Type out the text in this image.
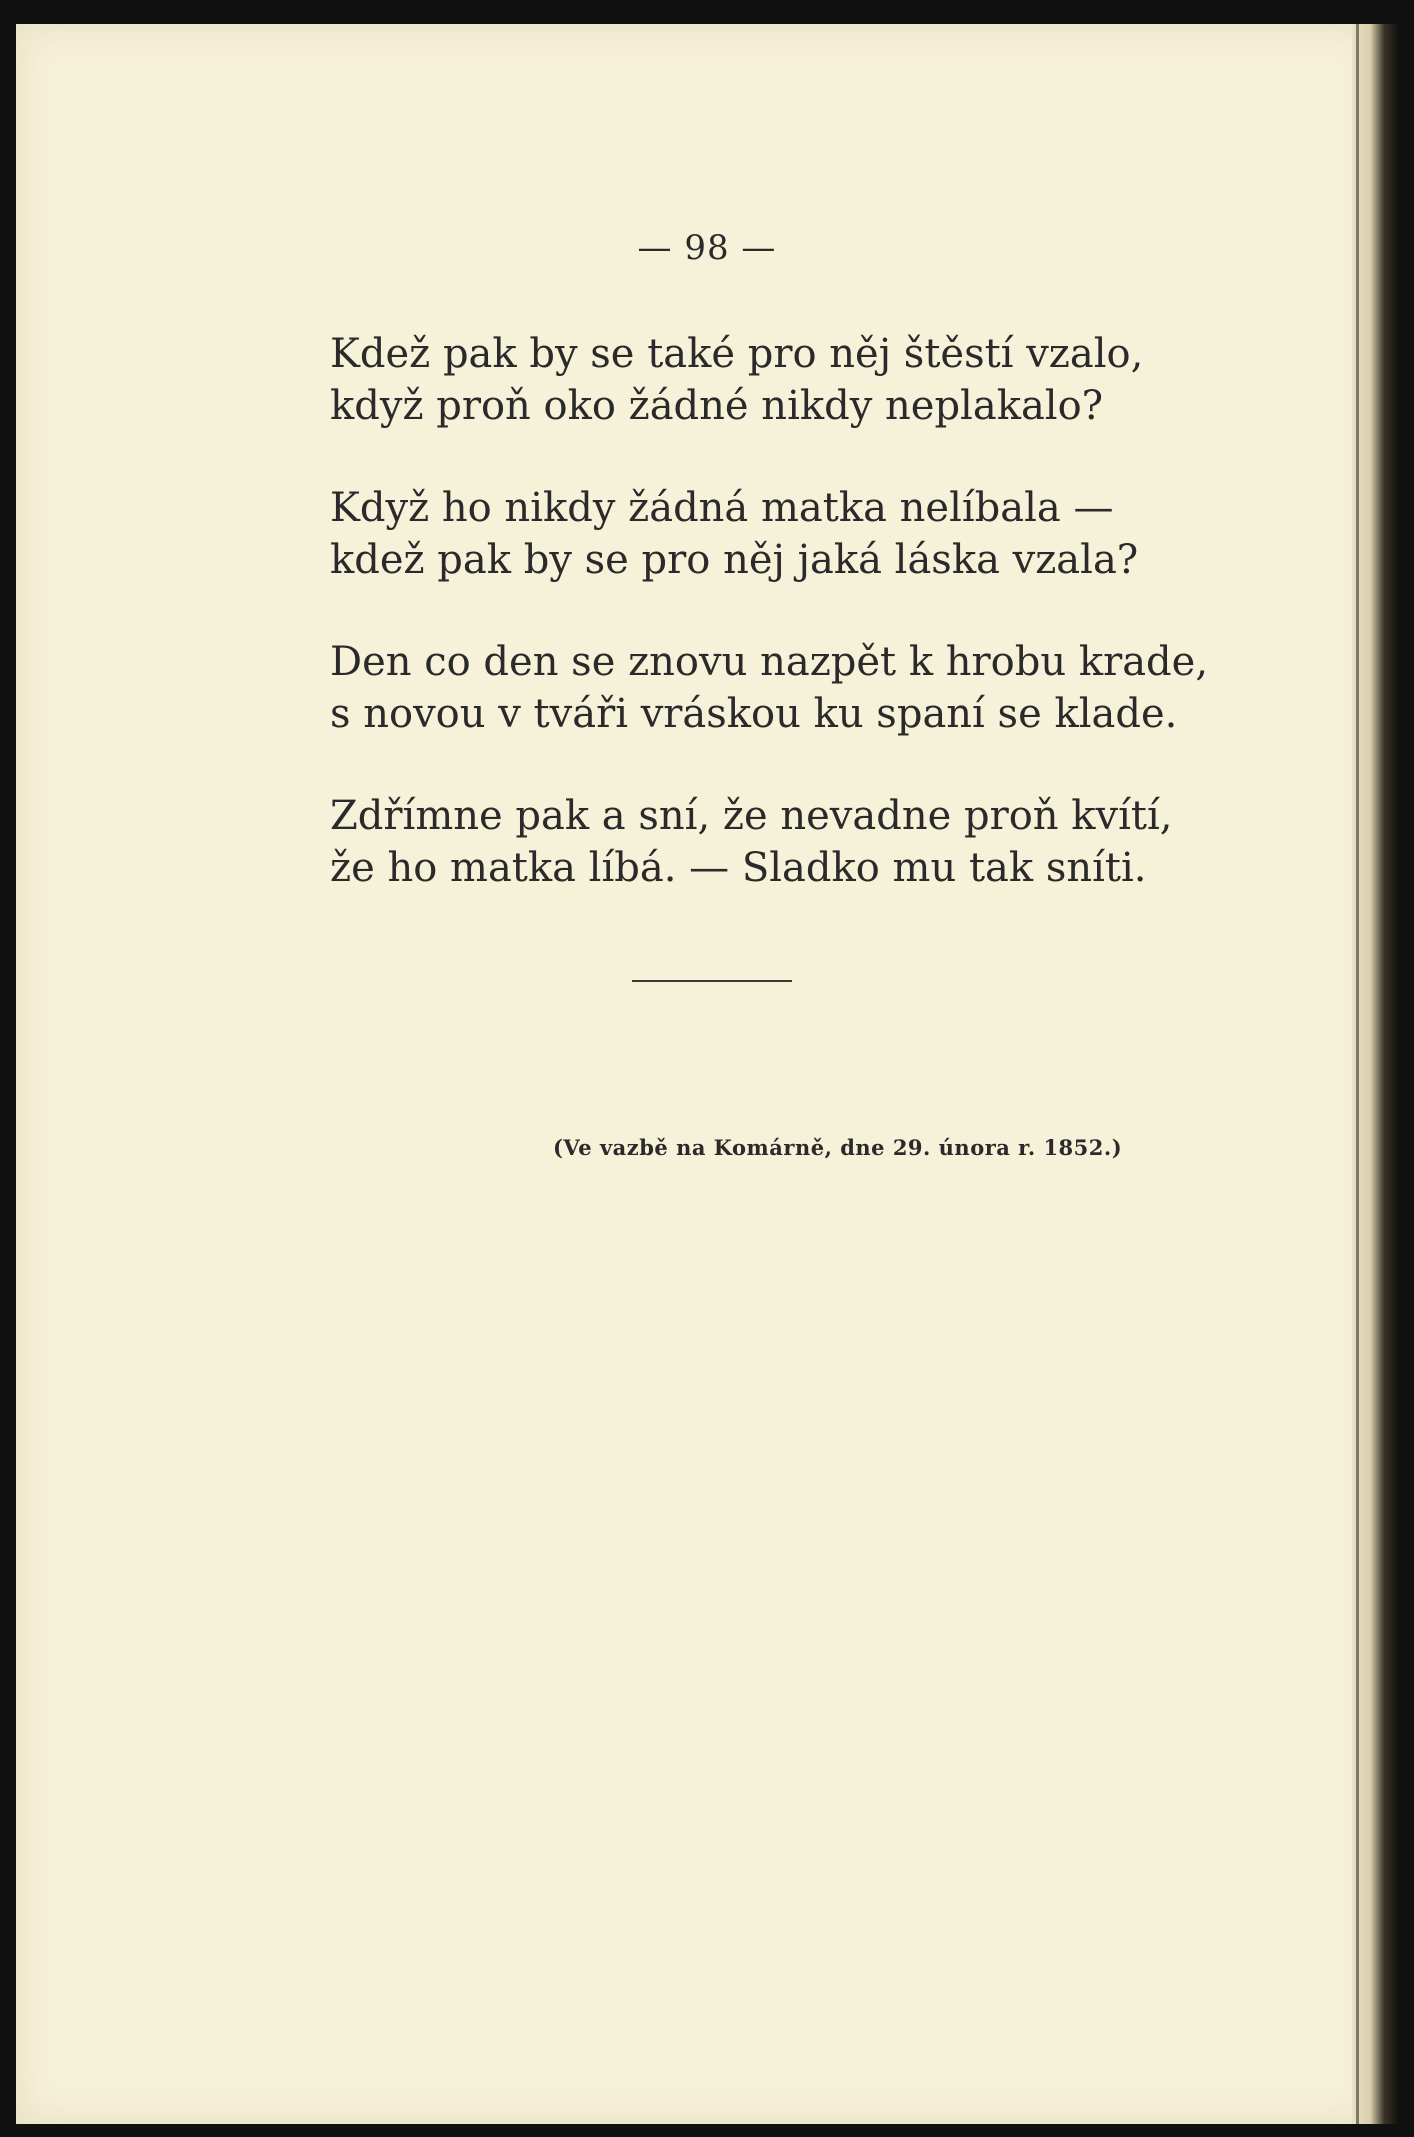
— 98 —
Kdež pak by se také pro něj štěstí vzalo,
když proň oko žádné nikdy neplakalo?
Když ho nikdy žádná matka nelíbala —
kdež pak by se pro něj jaká láska vzala?
Den co den se znovu nazpět k hrobu krade,
s novou v tváři vráskou ku spaní se klade.
Zdřímne pak a sní, že nevadne proň kvítí,
že ho matka líbá. — Sladko mu tak sníti.
(Ve vazbě na Komárně, dne 29. února r. 1852.)
